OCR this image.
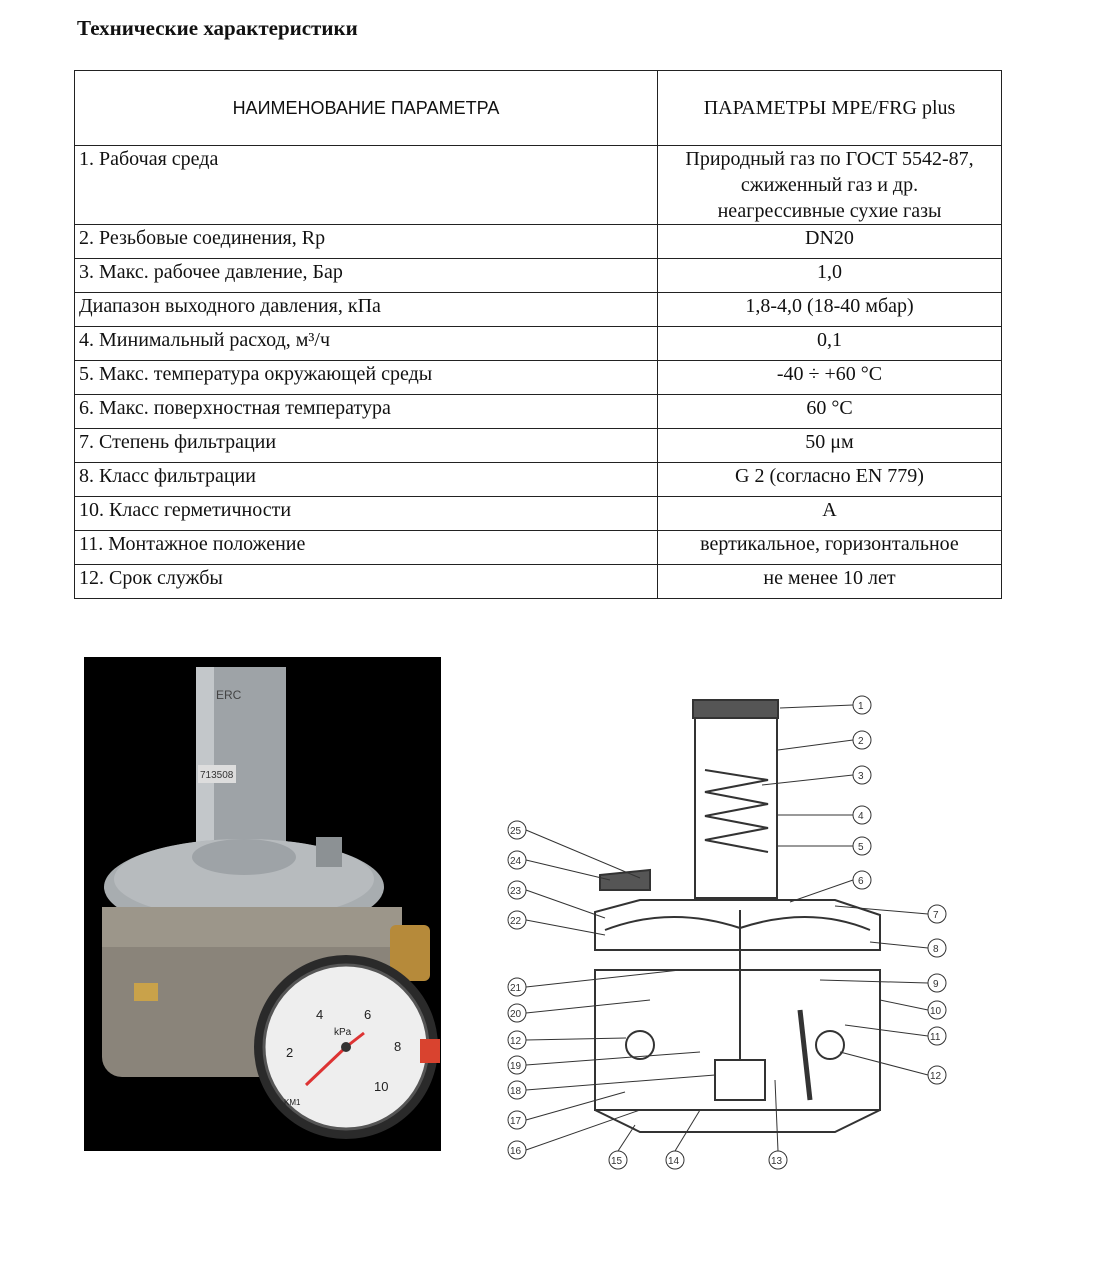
Технические характеристики
НАИМЕНОВАНИЕ ПАРАМЕТРА	ПАРАМЕТРЫ MPE/FRG plus
1. Рабочая среда	Природный газ по ГОСТ 5542-87,
сжиженный газ и др.
неагрессивные сухие газы

2. Резьбовые соединения, Rp	DN20
3. Макс. рабочее давление, Бар	1,0
Диапазон выходного давления, кПа	1,8-4,0 (18-40 мбар)
4. Минимальный расход, м³/ч	0,1
5. Макс. температура окружающей среды	-40 ÷ +60 °С
6. Макс. поверхностная температура	60 °С
7. Степень фильтрации	50 μм
8. Класс фильтрации	G 2 (согласно EN 779)
10. Класс герметичности	A
11. Монтажное положение	вертикальное, горизонтальное
12. Срок службы	не менее 10 лет
ERC
713508
kPa
2
4	6
8
10
KM1
1
2
3
4
5
6
7
8
9
10
11
12
13
14
15
16
17
18
19
12
20
21
22
23
24
25
